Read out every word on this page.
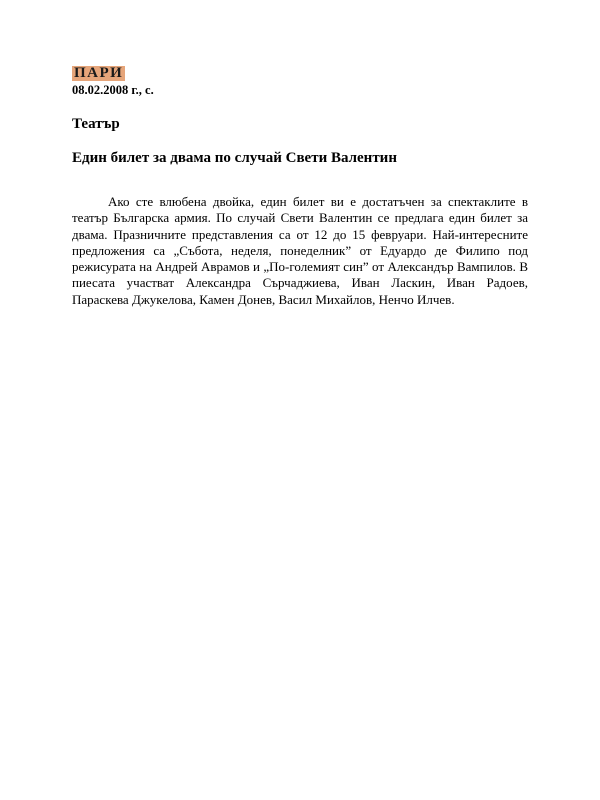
ПАРИ
08.02.2008 г., с.
Театър
Един билет за двама по случай Свети Валентин

Ако сте влюбена двойка, един билет ви е достатъчен за спектаклите в театър Българска армия. По случай Свети Валентин се предлага един билет за двама. Празничните представления са от 12 до 15 февруари. Най-интересните предложения са „Събота, неделя, понеделник” от Едуардо де Филипо под режисурата на Андрей Аврамов и „По-големият син” от Александър Вампилов. В пиесата участват Александра Сърчаджиева, Иван Ласкин, Иван Радоев, Параскева Джукелова, Камен Донев, Васил Михайлов, Ненчо Илчев.
